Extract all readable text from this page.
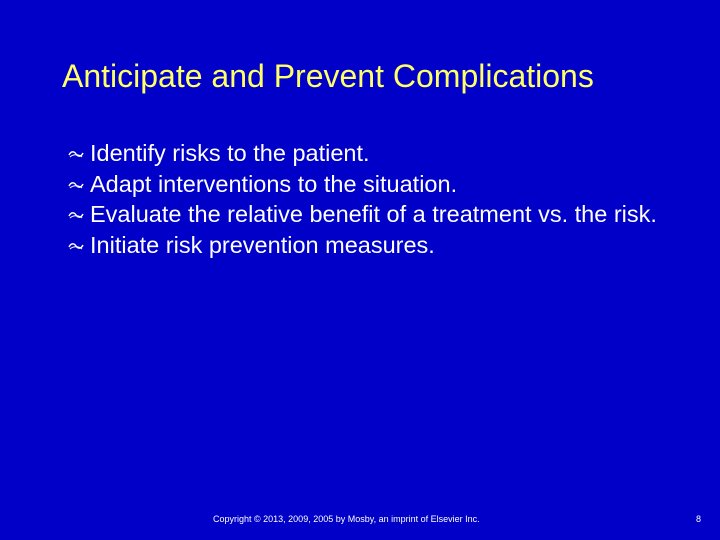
Anticipate and Prevent Complications
Identify risks to the patient.
Adapt interventions to the situation.
Evaluate the relative benefit of a treatment vs. the risk.
Initiate risk prevention measures.
Copyright © 2013, 2009, 2005 by Mosby, an imprint of Elsevier Inc.	8
